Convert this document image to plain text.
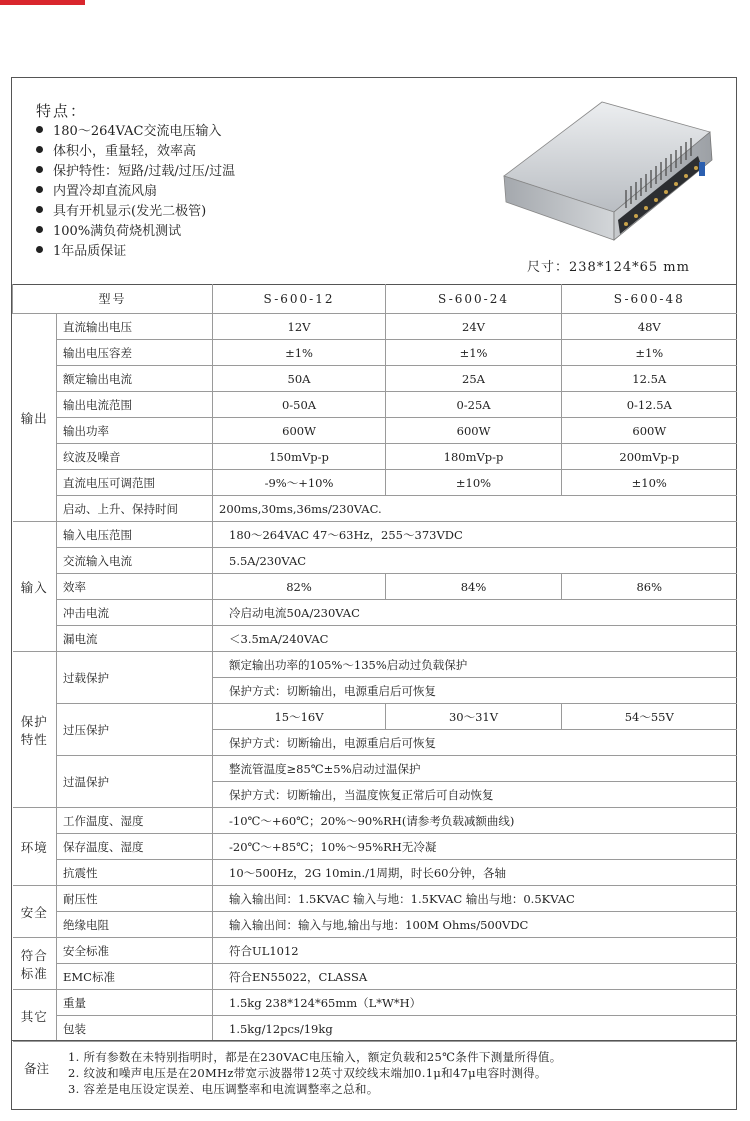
特点：
180～264VAC交流电压输入
体积小，重量轻，效率高
保护特性：短路/过载/过压/过温
内置冷却直流风扇
具有开机显示(发光二极管)
100%满负荷烧机测试
1年品质保证
尺寸：238*124*65 mm
型号		S-600-12	S-600-24	S-600-48
输出	直流输出电压	12V	24V	48V
	输出电压容差	±1%	±1%	±1%
	额定输出电流	50A	25A	12.5A
	输出电流范围	0-50A	0-25A	0-12.5A
	输出功率	600W	600W	600W
	纹波及噪音	150mVp-p	180mVp-p	200mVp-p
	直流电压可调范围	-9%～+10%	±10%	±10%
	启动、上升、保持时间	200ms,30ms,36ms/230VAC.		
输入	输入电压范围	180～264VAC 47～63Hz，255～373VDC		
	交流输入电流	5.5A/230VAC		
	效率	82%	84%	86%
	冲击电流	冷启动电流50A/230VAC		
	漏电流	＜3.5mA/240VAC		
保护特性	过载保护	额定输出功率的105%～135%启动过负载保护		
		保护方式：切断输出，电源重启后可恢复		
	过压保护	15～16V	30～31V	54～55V
		保护方式：切断输出，电源重启后可恢复		
	过温保护	整流管温度≥85℃±5%启动过温保护		
		保护方式：切断输出，当温度恢复正常后可自动恢复		
环境	工作温度、湿度	-10℃～+60℃；20%～90%RH(请参考负载减额曲线)		
	保存温度、湿度	-20℃～+85℃；10%～95%RH无冷凝		
	抗震性	10～500Hz，2G 10min./1周期，时长60分钟，各轴		
安全	耐压性	输入输出间：1.5KVAC 输入与地：1.5KVAC 输出与地：0.5KVAC		
	绝缘电阻	输入输出间：输入与地,输出与地：100M Ohms/500VDC		
符合标准	安全标准	符合UL1012		
	EMC标准	符合EN55022，CLASSA		
其它	重量	1.5kg 238*124*65mm（L*W*H）		
	包装	1.5kg/12pcs/19kg		
备注
1. 所有参数在未特别指明时，都是在230VAC电压输入，额定负载和25℃条件下测量所得值。
2. 纹波和噪声电压是在20MHz带宽示波器带12英寸双绞线末端加0.1μ和47μ电容时测得。
3. 容差是电压设定误差、电压调整率和电流调整率之总和。
